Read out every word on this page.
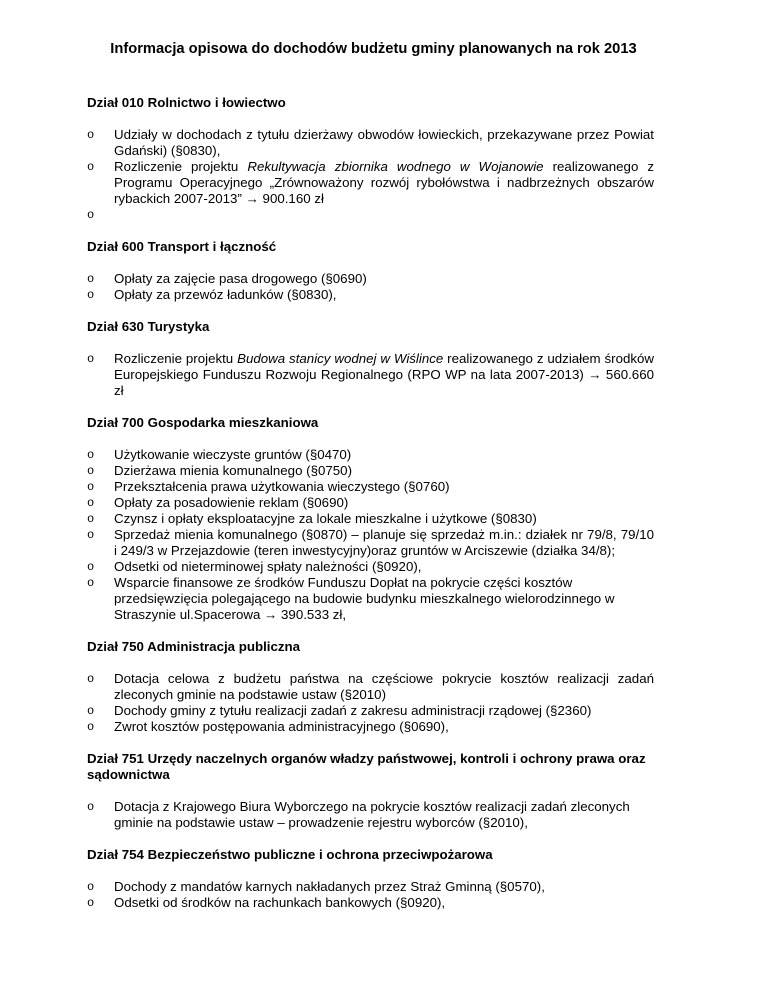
Informacja opisowa do dochodów budżetu gminy planowanych na rok 2013
Dział 010 Rolnictwo i łowiectwo
o Udziały w dochodach z tytułu dzierżawy obwodów łowieckich, przekazywane przez Powiat Gdański) (§0830),
o Rozliczenie projektu Rekultywacja zbiornika wodnego w Wojanowie realizowanego z Programu Operacyjnego „Zrównoważony rozwój rybołówstwa i nadbrzeżnych obszarów rybackich 2007-2013” → 900.160 zł
o
Dział 600 Transport i łączność
o Opłaty za zajęcie pasa drogowego (§0690)
o Opłaty za przewóz ładunków (§0830),
Dział 630 Turystyka
o Rozliczenie projektu Budowa stanicy wodnej w Wiślince realizowanego z udziałem środków Europejskiego Funduszu Rozwoju Regionalnego (RPO WP na lata 2007-2013) → 560.660 zł
Dział 700 Gospodarka mieszkaniowa
o Użytkowanie wieczyste gruntów (§0470)
o Dzierżawa mienia komunalnego (§0750)
o Przekształcenia prawa użytkowania wieczystego (§0760)
o Opłaty za posadowienie reklam (§0690)
o Czynsz i opłaty eksploatacyjne za lokale mieszkalne i użytkowe (§0830)
o Sprzedaż mienia komunalnego (§0870) – planuje się sprzedaż m.in.: działek nr 79/8, 79/10 i 249/3 w Przejazdowie (teren inwestycyjny)oraz gruntów w Arciszewie (działka 34/8);
o Odsetki od nieterminowej spłaty należności (§0920),
o Wsparcie finansowe ze środków Funduszu Dopłat na pokrycie części kosztów przedsięwzięcia polegającego na budowie budynku mieszkalnego wielorodzinnego w Straszynie ul.Spacerowa → 390.533 zł,
Dział 750 Administracja publiczna
o Dotacja celowa z budżetu państwa na częściowe pokrycie kosztów realizacji zadań zleconych gminie na podstawie ustaw (§2010)
o Dochody gminy z tytułu realizacji zadań z zakresu administracji rządowej (§2360)
o Zwrot kosztów postępowania administracyjnego (§0690),
Dział 751 Urzędy naczelnych organów władzy państwowej, kontroli i ochrony prawa oraz sądownictwa
o Dotacja z Krajowego Biura Wyborczego na pokrycie kosztów realizacji zadań zleconych gminie na podstawie ustaw – prowadzenie rejestru wyborców (§2010),
Dział 754 Bezpieczeństwo publiczne i ochrona przeciwpożarowa
o Dochody z mandatów karnych nakładanych przez Straż Gminną (§0570),
o Odsetki od środków na rachunkach bankowych (§0920),
